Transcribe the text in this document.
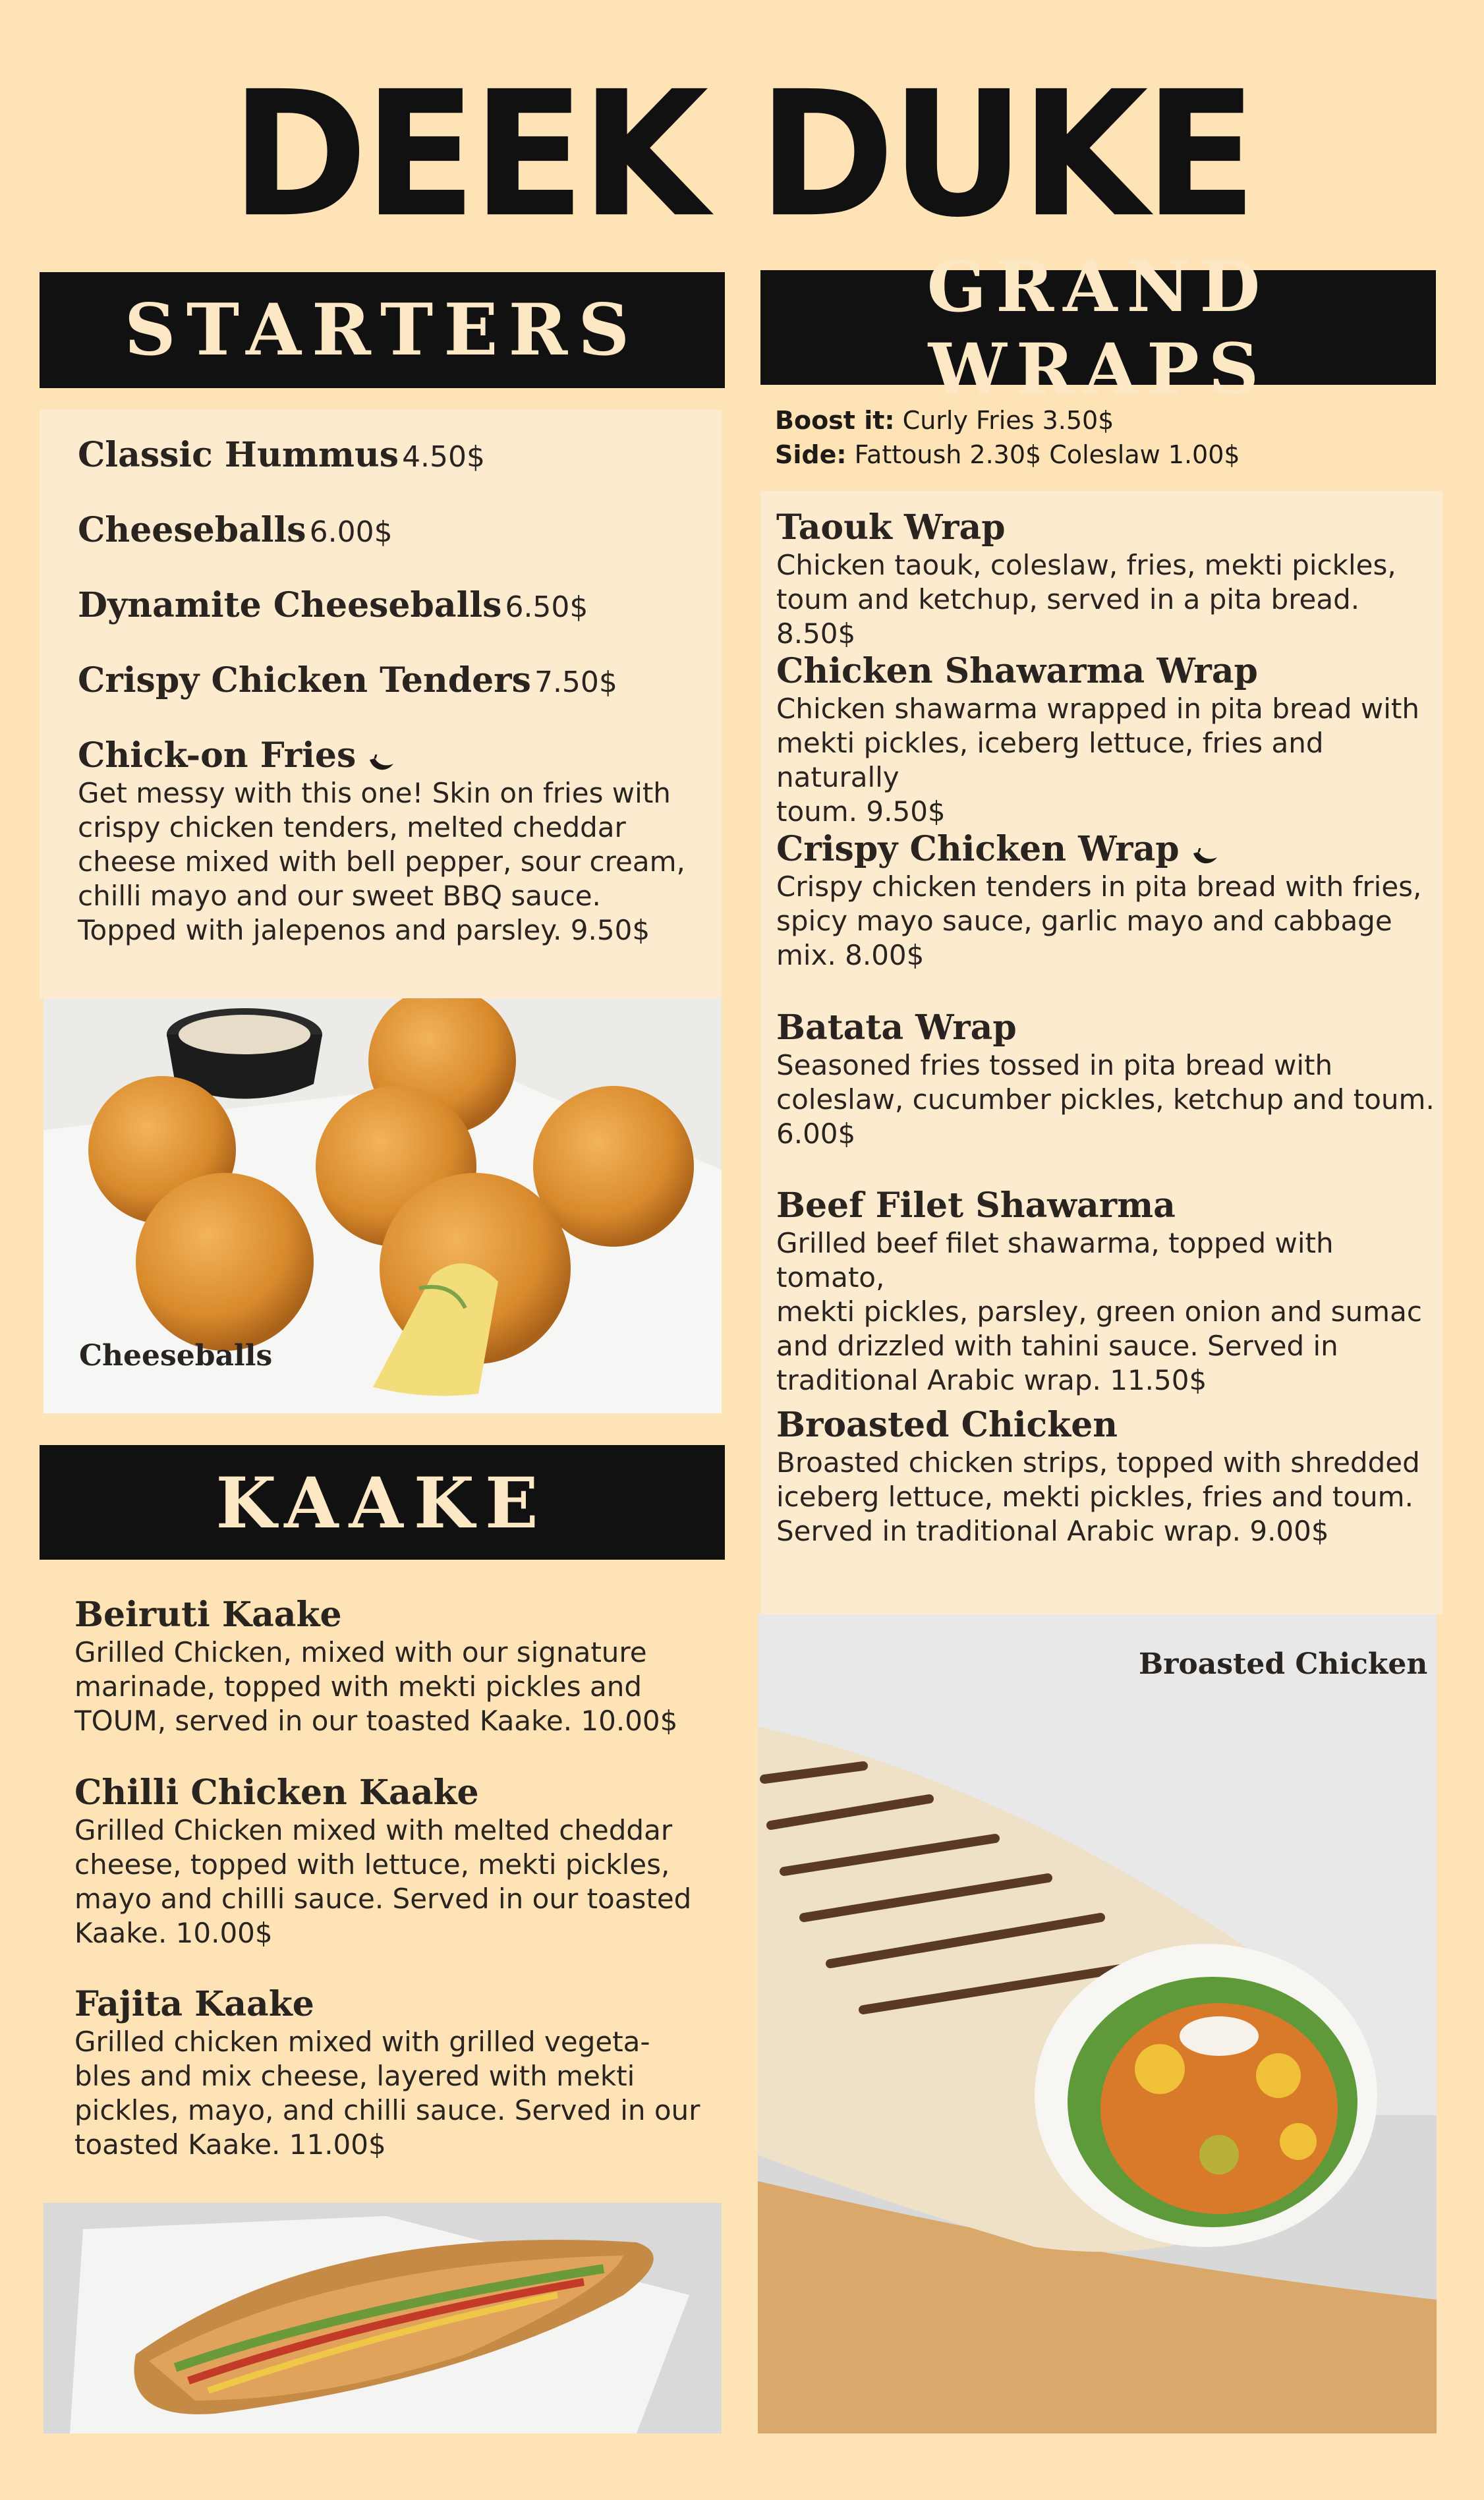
DEEK DUKE
STARTERS
Classic Hummus 4.50$
Cheeseballs 6.00$
Dynamite Cheeseballs 6.50$
Crispy Chicken Tenders 7.50$
Chick-on Fries
Get messy with this one! Skin on fries with
crispy chicken tenders, melted cheddar
cheese mixed with bell pepper, sour cream,
chilli mayo and our sweet BBQ sauce.
Topped with jalepenos and parsley. 9.50$
Cheeseballs
KAAKE
Beiruti Kaake
Grilled Chicken, mixed with our signature
marinade, topped with mekti pickles and
TOUM, served in our toasted Kaake. 10.00$
Chilli Chicken Kaake
Grilled Chicken mixed with melted cheddar
cheese, topped with lettuce, mekti pickles,
mayo and chilli sauce. Served in our toasted
Kaake. 10.00$
Fajita Kaake
Grilled chicken mixed with grilled vegeta-
bles and mix cheese, layered with mekti
pickles, mayo, and chilli sauce. Served in our
toasted Kaake. 11.00$
GRAND WRAPS
Boost it: Curly Fries 3.50$
Side: Fattoush 2.30$ Coleslaw 1.00$
Taouk Wrap
Chicken taouk, coleslaw, fries, mekti pickles,
toum and ketchup, served in a pita bread. 8.50$
Chicken Shawarma Wrap
Chicken shawarma wrapped in pita bread with
mekti pickles, iceberg lettuce, fries and naturally
toum. 9.50$
Crispy Chicken Wrap
Crispy chicken tenders in pita bread with fries,
spicy mayo sauce, garlic mayo and cabbage
mix. 8.00$
Batata Wrap
Seasoned fries tossed in pita bread with
coleslaw, cucumber pickles, ketchup and toum.
6.00$
Beef Filet Shawarma
Grilled beef filet shawarma, topped with tomato,
mekti pickles, parsley, green onion and sumac
and drizzled with tahini sauce. Served in
traditional Arabic wrap. 11.50$
Broasted Chicken
Broasted chicken strips, topped with shredded
iceberg lettuce, mekti pickles, fries and toum.
Served in traditional Arabic wrap. 9.00$
Broasted Chicken
